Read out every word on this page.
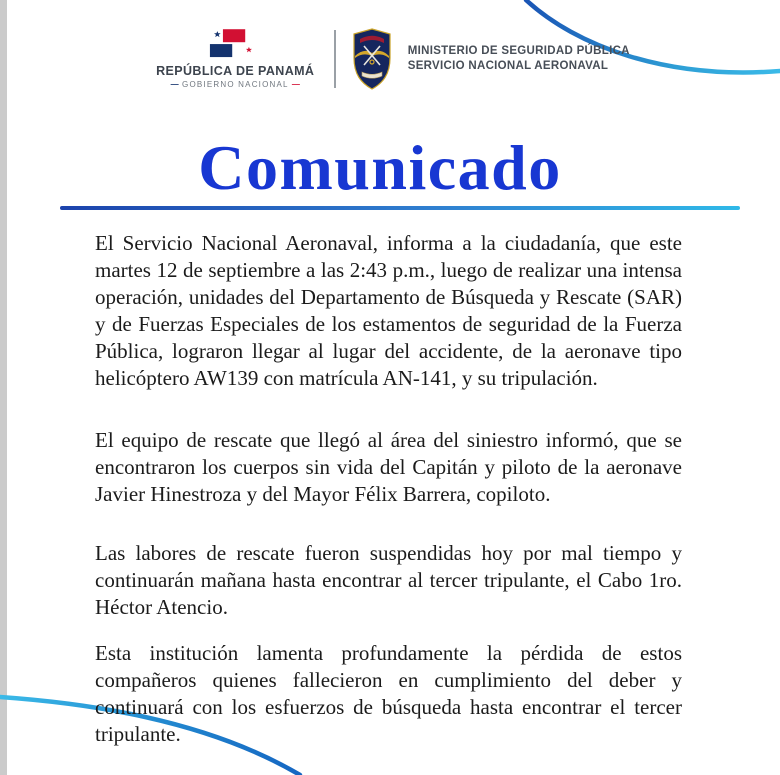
REPÚBLICA DE PANAMÁ
— GOBIERNO NACIONAL —
MINISTERIO DE SEGURIDAD PÚBLICA
SERVICIO NACIONAL AERONAVAL
Comunicado

El Servicio Nacional Aeronaval, informa a la ciudadanía, que este martes 12 de septiembre a las 2:43 p.m., luego de realizar una intensa operación, unidades del Departamento de Búsqueda y Rescate (SAR) y de Fuerzas Especiales de los estamentos de seguridad de la Fuerza Pública, lograron llegar al lugar del accidente, de la aeronave tipo helicóptero AW139 con matrícula AN-141, y su tripulación.

El equipo de rescate que llegó al área del siniestro informó, que se encontraron los cuerpos sin vida del Capitán y piloto de la aeronave Javier Hinestroza y del Mayor Félix Barrera, copiloto.

Las labores de rescate fueron suspendidas hoy por mal tiempo y continuarán mañana hasta encontrar al tercer tripulante, el Cabo 1ro. Héctor Atencio.

Esta institución lamenta profundamente la pérdida de estos compañeros quienes fallecieron en cumplimiento del deber y continuará con los esfuerzos de búsqueda hasta encontrar el tercer tripulante.
